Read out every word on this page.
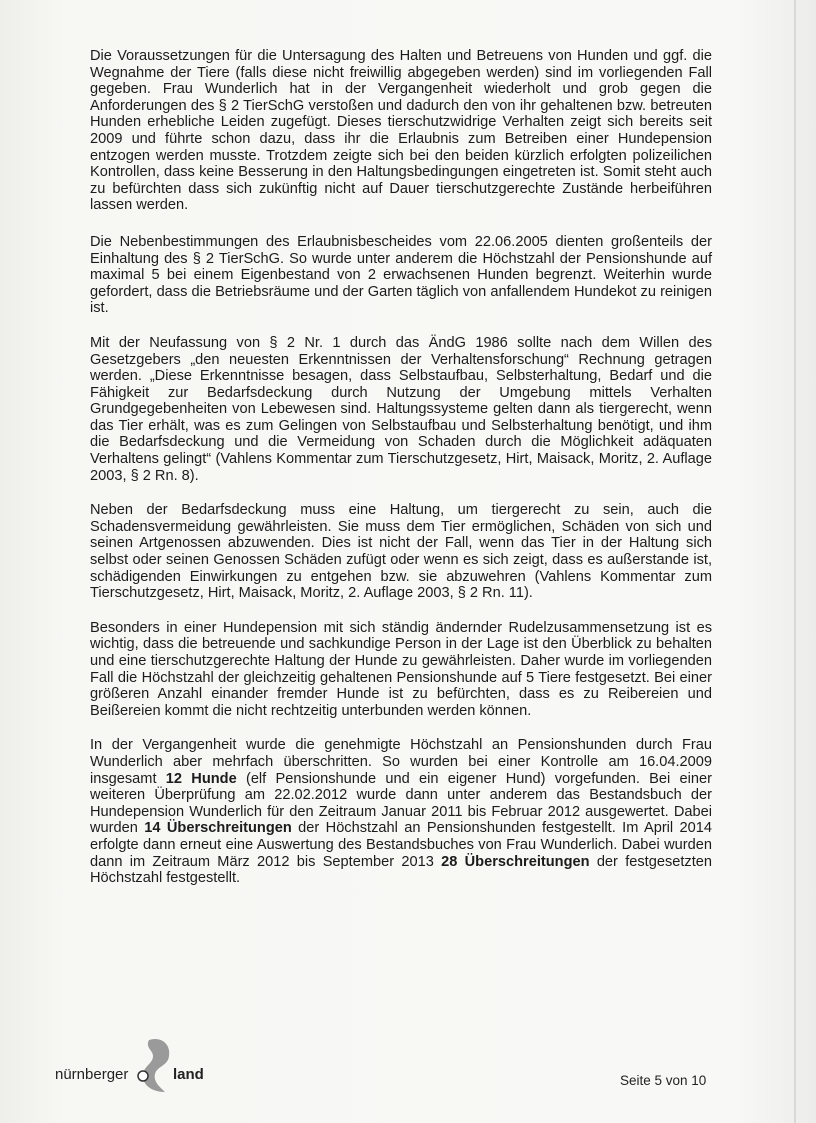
Die Voraussetzungen für die Untersagung des Halten und Betreuens von Hunden und ggf. die Wegnahme der Tiere (falls diese nicht freiwillig abgegeben werden) sind im vorliegenden Fall gegeben. Frau Wunderlich hat in der Vergangenheit wiederholt und grob gegen die Anforderungen des § 2 TierSchG verstoßen und dadurch den von ihr gehaltenen bzw. betreuten Hunden erhebliche Leiden zugefügt. Dieses tierschutzwidrige Verhalten zeigt sich bereits seit 2009 und führte schon dazu, dass ihr die Erlaubnis zum Betreiben einer Hundepension entzogen werden musste. Trotzdem zeigte sich bei den beiden kürzlich erfolgten polizeilichen Kontrollen, dass keine Besserung in den Haltungsbedingungen eingetreten ist. Somit steht auch zu befürchten dass sich zukünftig nicht auf Dauer tierschutzgerechte Zustände herbeiführen lassen werden.

Die Nebenbestimmungen des Erlaubnisbescheides vom 22.06.2005 dienten großenteils der Einhaltung des § 2 TierSchG. So wurde unter anderem die Höchstzahl der Pensionshunde auf maximal 5 bei einem Eigenbestand von 2 erwachsenen Hunden begrenzt. Weiterhin wurde gefordert, dass die Betriebsräume und der Garten täglich von anfallendem Hundekot zu reinigen ist.

Mit der Neufassung von § 2 Nr. 1 durch das ÄndG 1986 sollte nach dem Willen des Gesetzgebers „den neuesten Erkenntnissen der Verhaltensforschung“ Rechnung getragen werden. „Diese Erkenntnisse besagen, dass Selbstaufbau, Selbsterhaltung, Bedarf und die Fähigkeit zur Bedarfsdeckung durch Nutzung der Umgebung mittels Verhalten Grundgegebenheiten von Lebewesen sind. Haltungssysteme gelten dann als tiergerecht, wenn das Tier erhält, was es zum Gelingen von Selbstaufbau und Selbsterhaltung benötigt, und ihm die Bedarfsdeckung und die Vermeidung von Schaden durch die Möglichkeit adäquaten Verhaltens gelingt“ (Vahlens Kommentar zum Tierschutzgesetz, Hirt, Maisack, Moritz, 2. Auflage 2003, § 2 Rn. 8).

Neben der Bedarfsdeckung muss eine Haltung, um tiergerecht zu sein, auch die Schadensvermeidung gewährleisten. Sie muss dem Tier ermöglichen, Schäden von sich und seinen Artgenossen abzuwenden. Dies ist nicht der Fall, wenn das Tier in der Haltung sich selbst oder seinen Genossen Schäden zufügt oder wenn es sich zeigt, dass es außerstande ist, schädigenden Einwirkungen zu entgehen bzw. sie abzuwehren (Vahlens Kommentar zum Tierschutzgesetz, Hirt, Maisack, Moritz, 2. Auflage 2003, § 2 Rn. 11).

Besonders in einer Hundepension mit sich ständig ändernder Rudelzusammensetzung ist es wichtig, dass die betreuende und sachkundige Person in der Lage ist den Überblick zu behalten und eine tierschutzgerechte Haltung der Hunde zu gewährleisten. Daher wurde im vorliegenden Fall die Höchstzahl der gleichzeitig gehaltenen Pensionshunde auf 5 Tiere festgesetzt. Bei einer größeren Anzahl einander fremder Hunde ist zu befürchten, dass es zu Reibereien und Beißereien kommt die nicht rechtzeitig unterbunden werden können.

In der Vergangenheit wurde die genehmigte Höchstzahl an Pensionshunden durch Frau Wunderlich aber mehrfach überschritten. So wurden bei einer Kontrolle am 16.04.2009 insgesamt 12 Hunde (elf Pensionshunde und ein eigener Hund) vorgefunden. Bei einer weiteren Überprüfung am 22.02.2012 wurde dann unter anderem das Bestandsbuch der Hundepension Wunderlich für den Zeitraum Januar 2011 bis Februar 2012 ausgewertet. Dabei wurden 14 Überschreitungen der Höchstzahl an Pensionshunden festgestellt. Im April 2014 erfolgte dann erneut eine Auswertung des Bestandsbuches von Frau Wunderlich. Dabei wurden dann im Zeitraum März 2012 bis September 2013 28 Überschreitungen der festgesetzten Höchstzahl festgestellt.

nürnberger	land	Seite 5 von 10
